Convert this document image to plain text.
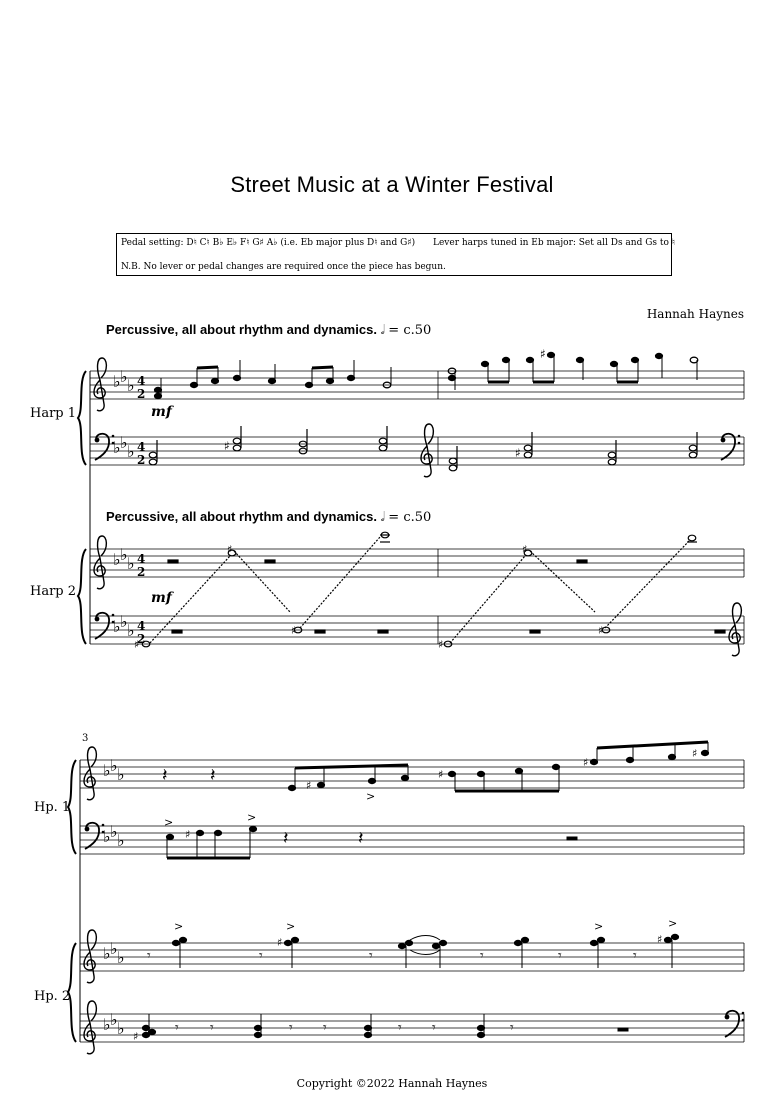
Street Music at a Winter Festival
Pedal setting: D♮ C♮ B♭ E♭ F♮ G♯ A♭ (i.e. Eb major plus D♮ and G♯) Lever harps tuned in Eb major: Set all Ds and Gs to ♮
N.B. No lever or pedal changes are required once the piece has begun.
Hannah Haynes
Percussive, all about rhythm and dynamics. 𝅗𝅥 = c.50
Percussive, all about rhythm and dynamics. 𝅗𝅥 = c.50
Harp 1
Harp 2
Hp. 1
Hp. 2
3
♭ ♭ ♭
♭ ♭ ♭
4
2
4
2
mf
♯
♯	♯
♭ ♭ ♭
♭ ♭ ♭
4
2
4
2
mf
♯
♯
♯
♯
♯
♯
♭ ♭ ♭
♭ ♭ ♭
𝄽 𝄽	♯
♯
♯
♯
>
𝄽	𝄽
>	>
♯
♭ ♭ ♭
♭ ♭ ♭
>	>	>	>
♯	♯
𝄾	𝄾	𝄾	𝄾	𝄾	𝄾
♯
𝄾 𝄾	𝄾 𝄾	𝄾 𝄾	𝄾
Copyright ©2022 Hannah Haynes
